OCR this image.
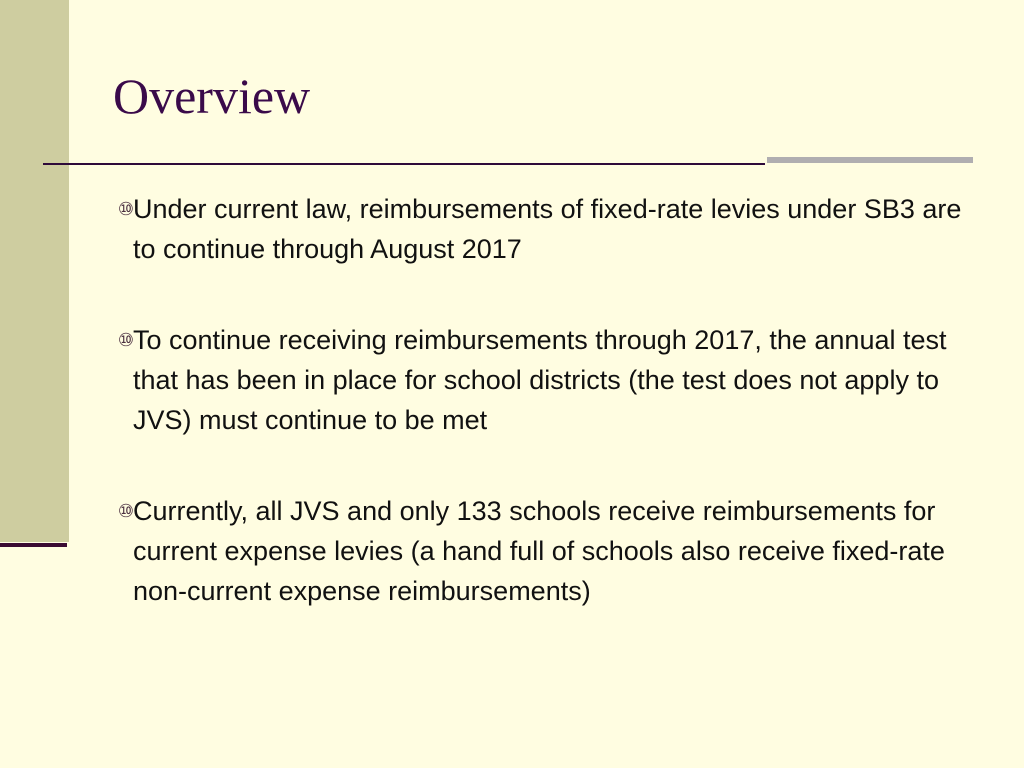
Overview
⑩
Under current law, reimbursements of fixed-rate levies under SB3 are to continue through August 2017
⑩
To continue receiving reimbursements through 2017, the annual test that has been in place for school districts (the test does not apply to JVS) must continue to be met
⑩
Currently, all JVS and only 133 schools receive reimbursements for current expense levies (a hand full of schools also receive fixed-rate non-current expense reimbursements)
